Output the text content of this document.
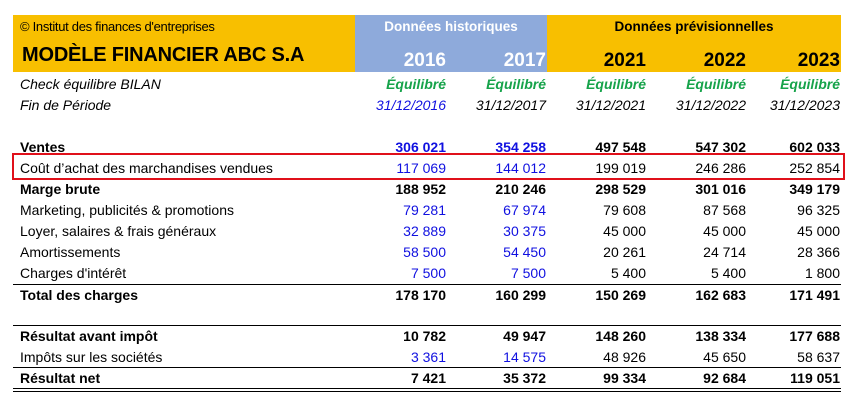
© Institut des finances d'entreprises
MODÈLE FINANCIER ABC S.A
Données historiques	Données prévisionnelles
2016	2017	2021	2022	2023
Check équilibre BILAN	Équilibré	Équilibré	Équilibré	Équilibré	Équilibré
Fin de Période	31/12/2016	31/12/2017	31/12/2021	31/12/2022	31/12/2023
Ventes	306 021	354 258	497 548	547 302	602 033
Coût d’achat des marchandises vendues	117 069	144 012	199 019	246 286	252 854
Marge brute	188 952	210 246	298 529	301 016	349 179
Marketing, publicités & promotions	79 281	67 974	79 608	87 568	96 325
Loyer, salaires & frais généraux	32 889	30 375	45 000	45 000	45 000
Amortissements	58 500	54 450	20 261	24 714	28 366
Charges d'intérêt	7 500	7 500	5 400	5 400	1 800
Total des charges	178 170	160 299	150 269	162 683	171 491
Résultat avant impôt	10 782	49 947	148 260	138 334	177 688
Impôts sur les sociétés	3 361	14 575	48 926	45 650	58 637
Résultat net	7 421	35 372	99 334	92 684	119 051
